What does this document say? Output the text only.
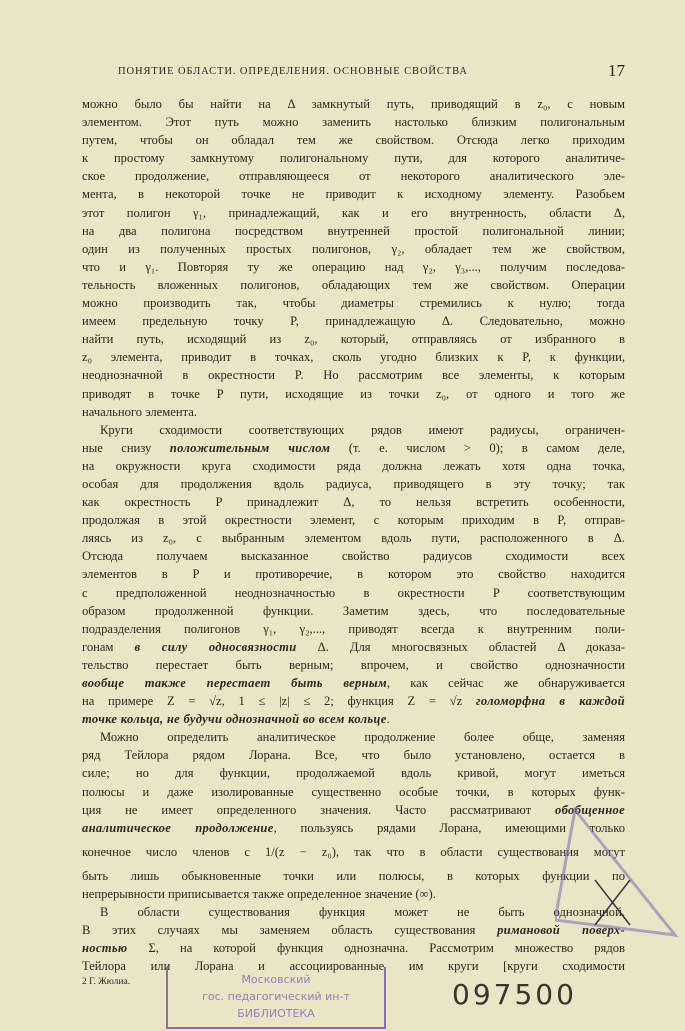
ПОНЯТИЕ ОБЛАСТИ. ОПРЕДЕЛЕНИЯ. ОСНОВНЫЕ СВОЙСТВА	17
можно было бы найти на Δ замкнутый путь, приводящий в z₀, с новым
элементом. Этот путь можно заменить настолько близким полигональным
путем, чтобы он обладал тем же свойством. Отсюда легко приходим
к простому замкнутому полигональному пути, для которого аналитиче-
ское продолжение, отправляющееся от некоторого аналитического эле-
мента, в некоторой точке не приводит к исходному элементу. Разобьем
этот полигон γ₁, принадлежащий, как и его внутренность, области Δ,
на два полигона посредством внутренней простой полигональной линии;
один из полученных простых полигонов, γ₂, обладает тем же свойством,
что и γ₁. Повторяя ту же операцию над γ₂, γ₃,..., получим последова-
тельность вложенных полигонов, обладающих тем же свойством. Операции
можно производить так, чтобы диаметры стремились к нулю; тогда
имеем предельную точку P, принадлежащую Δ. Следовательно, можно
найти путь, исходящий из z₀, который, отправляясь от избранного в
z₀ элемента, приводит в точках, сколь угодно близких к P, к функции,
неоднозначной в окрестности P. Но рассмотрим все элементы, к которым
приводят в точке P пути, исходящие из точки z₀, от одного и того же
начального элемента.
Круги сходимости соответствующих рядов имеют радиусы, ограничен-
ные снизу положительным числом (т. е. числом > 0); в самом деле,
на окружности круга сходимости ряда должна лежать хотя одна точка,
особая для продолжения вдоль радиуса, приводящего в эту точку; так
как окрестность P принадлежит Δ, то нельзя встретить особенности,
продолжая в этой окрестности элемент, с которым приходим в P, отправ-
ляясь из z₀, с выбранным элементом вдоль пути, расположенного в Δ.
Отсюда получаем высказанное свойство радиусов сходимости всех
элементов в P и противоречие, в котором это свойство находится
с предположенной неоднозначностью в окрестности P соответствующим
образом продолженной функции. Заметим здесь, что последовательные
подразделения полигонов γ₁, γ₂,..., приводят всегда к внутренним поли-
гонам в силу односвязности Δ. Для многосвязных областей Δ доказа-
тельство перестает быть верным; впрочем, и свойство однозначности
вообще также перестает быть верным, как сейчас же обнаруживается
на примере Z = √z, 1 ≤ |z| ≤ 2; функция Z = √z голоморфна в каждой
точке кольца, не будучи однозначной во всем кольце.
Можно определить аналитическое продолжение более обще, заменяя
ряд Тейлора рядом Лорана. Все, что было установлено, остается в
силе; но для функции, продолжаемой вдоль кривой, могут иметься
полюсы и даже изолированные существенно особые точки, в которых функ-
ция не имеет определенного значения. Часто рассматривают обобщенное
аналитическое продолжение, пользуясь рядами Лорана, имеющими только
конечное число членов с 1/(z − z₀), так что в области существования могут
быть лишь обыкновенные точки или полюсы, в которых функции по
непрерывности приписывается также определенное значение (∞).
В области существования функция может не быть однозначной.
В этих случаях мы заменяем область существования римановой поверх-
ностью Σ, на которой функция однозначна. Рассмотрим множество рядов
Тейлора или Лорана и ассоциированные им круги [круги сходимости
2 Г. Жюлиа.	Московский
гос. педагогический ин-т
БИБЛИОТЕКА
097500
